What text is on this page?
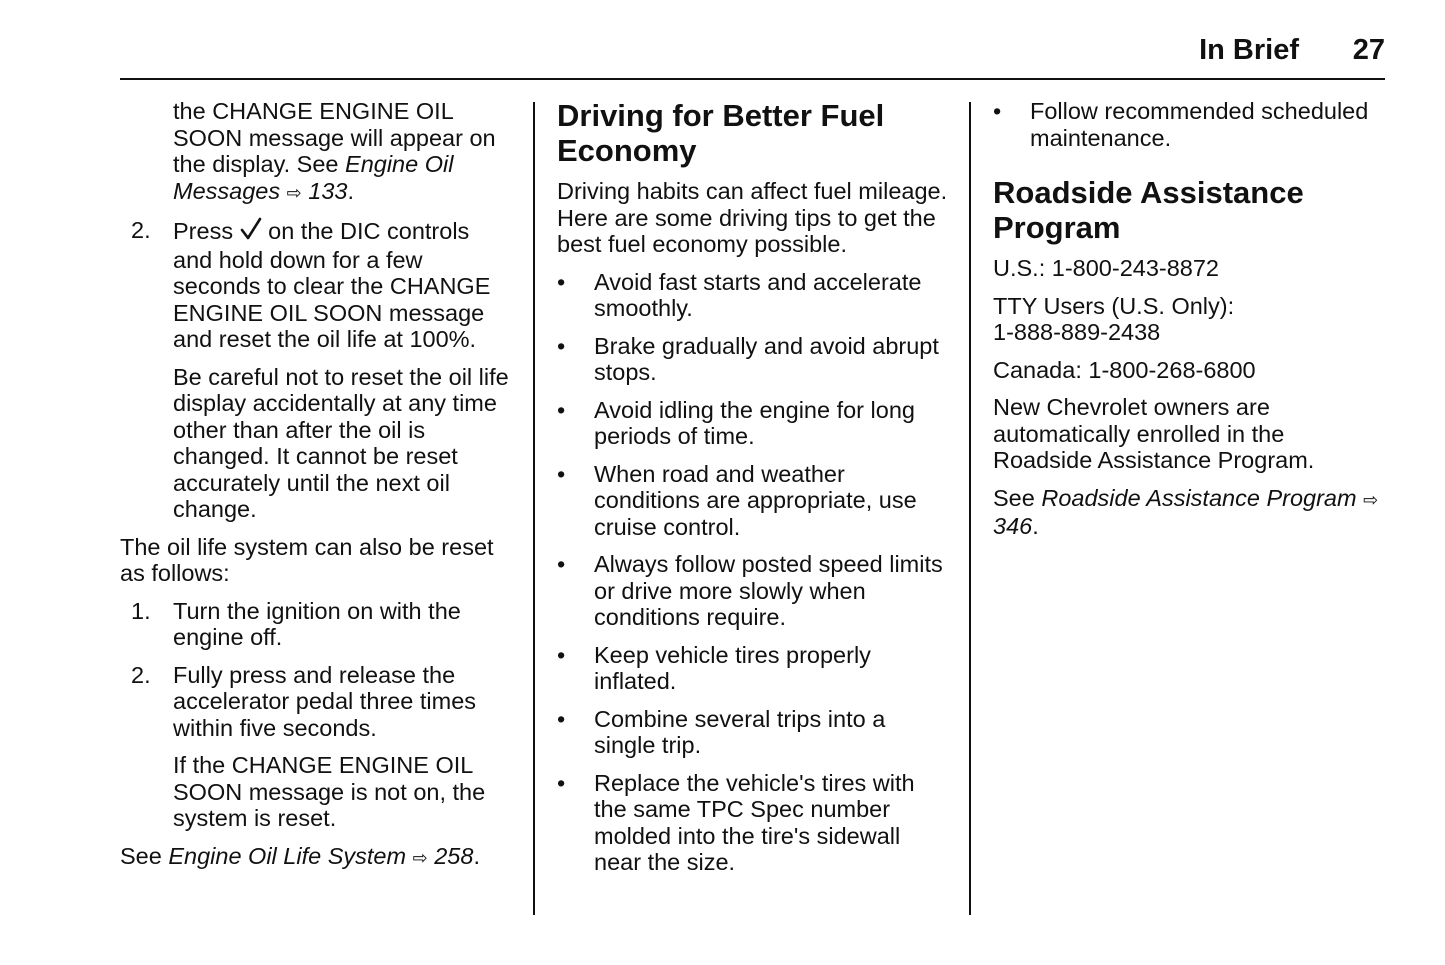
In Brief 27

the CHANGE ENGINE OIL SOON message will appear on the display. See Engine Oil Messages ⇨ 133.

2. Press on the DIC controls and hold down for a few seconds to clear the CHANGE ENGINE OIL SOON message and reset the oil life at 100%.

Be careful not to reset the oil life display accidentally at any time other than after the oil is changed. It cannot be reset accurately until the next oil change.

The oil life system can also be reset as follows:

1. Turn the ignition on with the engine off.
2. Fully press and release the accelerator pedal three times within five seconds.

If the CHANGE ENGINE OIL SOON message is not on, the system is reset.

See Engine Oil Life System ⇨ 258.

Driving for Better Fuel Economy

Driving habits can affect fuel mileage. Here are some driving tips to get the best fuel economy possible.

• Avoid fast starts and accelerate smoothly.
• Brake gradually and avoid abrupt stops.
• Avoid idling the engine for long periods of time.
• When road and weather conditions are appropriate, use cruise control.
• Always follow posted speed limits or drive more slowly when conditions require.
• Keep vehicle tires properly inflated.
• Combine several trips into a single trip.
• Replace the vehicle's tires with the same TPC Spec number molded into the tire's sidewall near the size.
• Follow recommended scheduled maintenance.
Roadside Assistance Program

U.S.: 1-800-243-8872

TTY Users (U.S. Only):
1-888-889-2438

Canada: 1-800-268-6800

New Chevrolet owners are automatically enrolled in the Roadside Assistance Program.

See Roadside Assistance Program ⇨ 346.
